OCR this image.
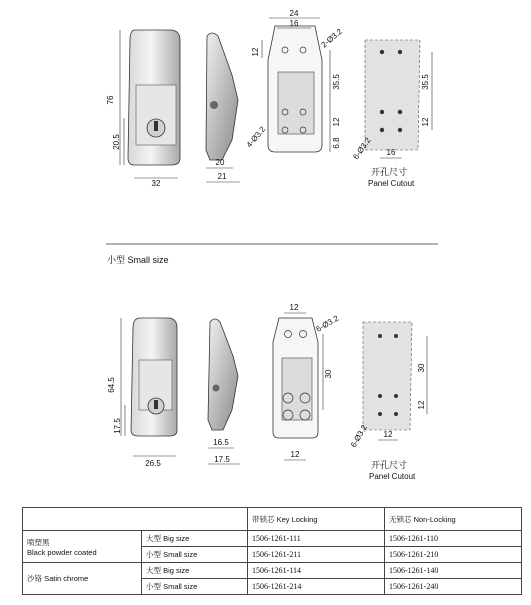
76
20.5
32
20
21
24
16
2-Ø3.2
12
35.5
12
6.8
4-Ø3.2
35.5
12
16
6-Ø3.2
开孔尺寸
Panel Cutout
小型 Small size
64.5
17.5
26.5
16.5
17.5
12
6-Ø3.2
30
12
30
12
12
6-Ø3.2
开孔尺寸
Panel Cutout
		带锁芯 Key Locking	无锁芯 Non-Locking

喷塑黑
Black powder coated	大型 Big size	1506-1261-111	1506-1261-110
	小型 Small size	1506-1261-211	1506-1261-210
沙铬 Satin chrome	大型 Big size	1506-1261-114	1506-1261-140
	小型 Small size	1506-1261-214	1506-1261-240
